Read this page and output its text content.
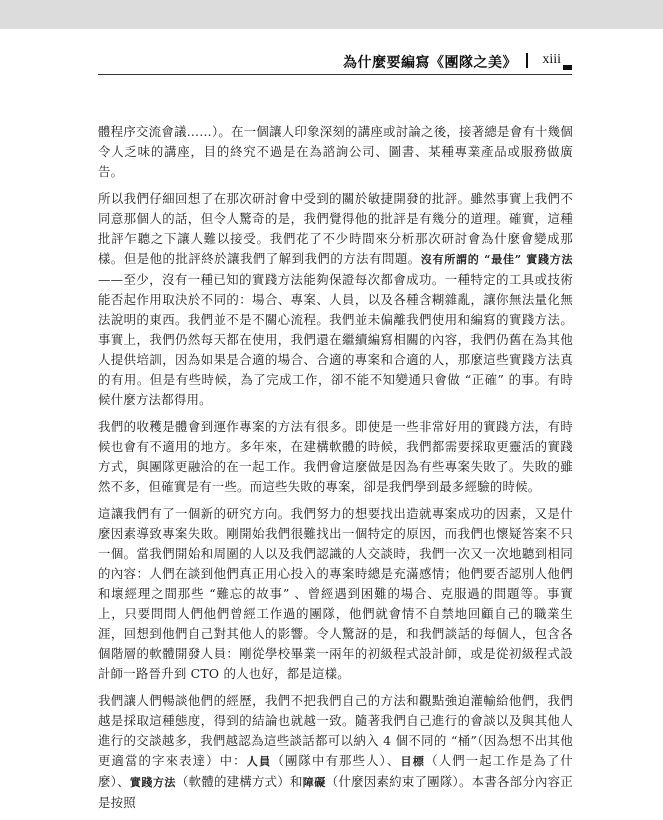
為什麼要編寫《團隊之美》 xiii

體程序交流會議……）。在一個讓人印象深刻的講座或討論之後，接著總是會有十幾個令人乏味的講座，目的終究不過是在為諮詢公司、圖書、某種專業產品或服務做廣告。

所以我們仔細回想了在那次研討會中受到的關於敏捷開發的批評。雖然事實上我們不同意那個人的話，但令人驚奇的是，我們覺得他的批評是有幾分的道理。確實，這種批評乍聽之下讓人難以接受。我們花了不少時間來分析那次研討會為什麼會變成那樣。但是他的批評終於讓我們了解到我們的方法有問題。沒有所謂的 “最佳” 實踐方法——至少，沒有一種已知的實踐方法能夠保證每次都會成功。一種特定的工具或技術能否起作用取決於不同的：場合、專案、人員，以及各種含糊雜亂，讓你無法量化無法說明的東西。我們並不是不關心流程。我們並未偏離我們使用和編寫的實踐方法。事實上，我們仍然每天都在使用，我們還在繼續編寫相關的內容，我們仍舊在為其他人提供培訓，因為如果是合適的場合、合適的專案和合適的人，那麼這些實踐方法真的有用。但是有些時候，為了完成工作，卻不能不知變通只會做 “正確” 的事。有時候什麼方法都得用。

我們的收穫是體會到運作專案的方法有很多。即使是一些非常好用的實踐方法，有時候也會有不適用的地方。多年來，在建構軟體的時候，我們都需要採取更靈活的實踐方式，與團隊更融洽的在一起工作。我們會這麼做是因為有些專案失敗了。失敗的雖然不多，但確實是有一些。而這些失敗的專案，卻是我們學到最多經驗的時候。

這讓我們有了一個新的研究方向。我們努力的想要找出造就專案成功的因素，又是什麼因素導致專案失敗。剛開始我們很難找出一個特定的原因，而我們也懷疑答案不只一個。當我們開始和周圍的人以及我們認識的人交談時，我們一次又一次地聽到相同的內容：人們在談到他們真正用心投入的專案時總是充滿感情；他們要否認別人他們和壞經理之間那些 “難忘的故事” 、曾經遇到困難的場合、克服過的問題等。事實上，只要問問人們他們曾經工作過的團隊，他們就會情不自禁地回顧自己的職業生涯，回想到他們自己對其他人的影響。令人驚訝的是，和我們談話的每個人，包含各個階層的軟體開發人員：剛從學校畢業一兩年的初級程式設計師，或是從初級程式設計師一路晉升到 CTO 的人也好，都是這樣。

我們讓人們暢談他們的經歷，我們不把我們自己的方法和觀點強迫灌輸給他們，我們越是採取這種態度，得到的結論也就越一致。隨著我們自己進行的會談以及與其他人進行的交談越多，我們越認為這些談話都可以納入 4 個不同的 “桶”（因為想不出其他更適當的字來表達）中：人員（團隊中有那些人）、目標（人們一起工作是為了什麼）、實踐方法（軟體的建構方式）和障礙（什麼因素約束了團隊）。本書各部分內容正是按照
